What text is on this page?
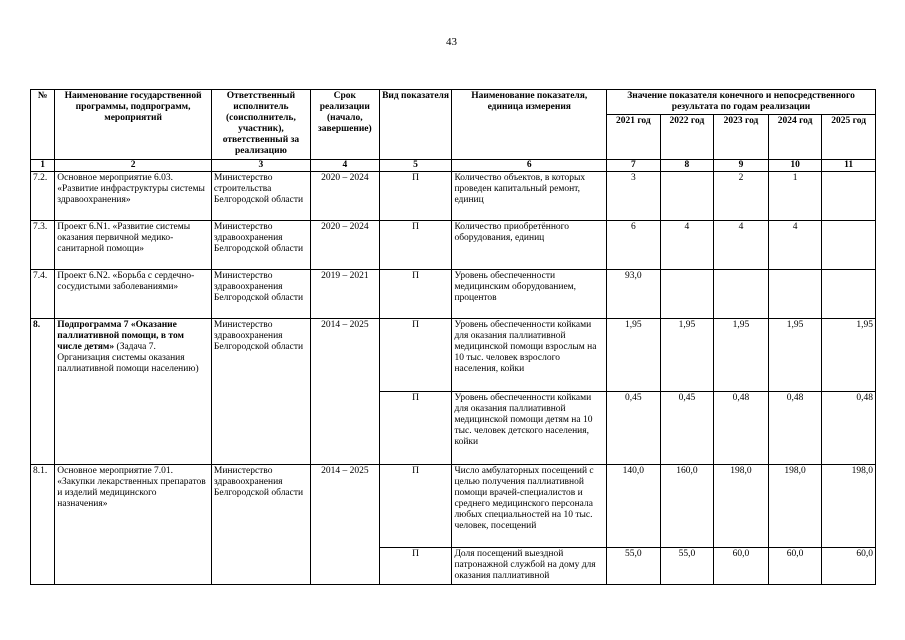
43
№	Наименование государственной программы, подпрограмм, мероприятий	Ответственный исполнитель (соисполнитель, участник), ответственный за реализацию	Срок реализации (начало, завершение)	Вид показателя	Наименование показателя, единица измерения	Значение показателя конечного и непосредственного результата по годам реализации				
						2021 год	2022 год	2023 год	2024 год	2025 год
1	2	3	4	5	6	7	8	9	10	11
7.2.	Основное мероприятие 6.03. «Развитие инфраструктуры системы здравоохранения»	Министерство строительства Белгородской области	2020 – 2024	П	Количество объектов, в которых проведен капитальный ремонт, единиц	3		2	1	
7.3.	Проект 6.N1. «Развитие системы оказания первичной медико-санитарной помощи»	Министерство здравоохранения Белгородской области	2020 – 2024	П	Количество приобретённого оборудования, единиц	6	4	4	4	
7.4.	Проект 6.N2. «Борьба с сердечно-сосудистыми заболеваниями»	Министерство здравоохранения Белгородской области	2019 – 2021	П	Уровень обеспеченности медицинским оборудованием, процентов	93,0				
8.	Подпрограмма 7 «Оказание паллиативной помощи, в том числе детям» (Задача 7. Организация системы оказания паллиативной помощи населению)	Министерство здравоохранения Белгородской области	2014 – 2025	П	Уровень обеспеченности койками для оказания паллиативной медицинской помощи взрослым на 10 тыс. человек взрослого населения, койки	1,95	1,95	1,95	1,95	1,95
				П	Уровень обеспеченности койками для оказания паллиативной медицинской помощи детям на 10 тыс. человек детского населения, койки	0,45	0,45	0,48	0,48	0,48
8.1.	Основное мероприятие 7.01. «Закупки лекарственных препаратов и изделий медицинского назначения»	Министерство здравоохранения Белгородской области	2014 – 2025	П	Число амбулаторных посещений с целью получения паллиативной помощи врачей-специалистов и среднего медицинского персонала любых специальностей на 10 тыс. человек, посещений	140,0	160,0	198,0	198,0	198,0
				П	Доля посещений выездной патронажной службой на дому для оказания паллиативной	55,0	55,0	60,0	60,0	60,0
